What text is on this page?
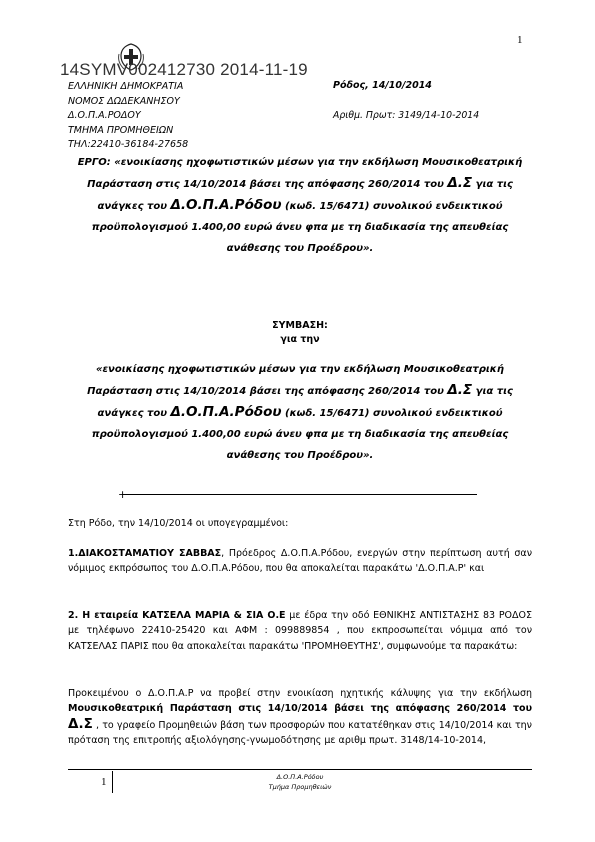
1
14SYMV002412730 2014-11-19
ΕΛΛΗΝΙΚΗ ΔΗΜΟΚΡΑΤΙΑ
ΝΟΜΟΣ ΔΩΔΕΚΑΝΗΣΟΥ
Δ.Ο.Π.Α.ΡΟΔΟΥ
ΤΜΗΜΑ ΠΡΟΜΗΘΕΙΩΝ
ΤΗΛ:22410-36184-27658
Ρόδος, 14/10/2014
Αριθμ. Πρωτ: 3149/14-10-2014
ΕΡΓΟ: «ενοικίασης ηχοφωτιστικών μέσων για την εκδήλωση Μουσικοθεατρική
Παράσταση στις 14/10/2014 βάσει της απόφασης 260/2014 του Δ.Σ για τις
ανάγκες του Δ.Ο.Π.Α.Ρόδου (κωδ. 15/6471) συνολικού ενδεικτικού
προϋπολογισμού 1.400,00 ευρώ άνευ φπα με τη διαδικασία της απευθείας
ανάθεσης του Προέδρου».
ΣΥΜΒΑΣΗ:
για την
«ενοικίασης ηχοφωτιστικών μέσων για την εκδήλωση Μουσικοθεατρική
Παράσταση στις 14/10/2014 βάσει της απόφασης 260/2014 του Δ.Σ για τις
ανάγκες του Δ.Ο.Π.Α.Ρόδου (κωδ. 15/6471) συνολικού ενδεικτικού
προϋπολογισμού 1.400,00 ευρώ άνευ φπα με τη διαδικασία της απευθείας
ανάθεσης του Προέδρου».
+
Στη Ρόδο, την 14/10/2014 οι υπογεγραμμένοι:
1.ΔΙΑΚΟΣΤΑΜΑΤΙΟΥ ΣΑΒΒΑΣ, Πρόεδρος Δ.Ο.Π.Α.Ρόδου, ενεργών στην περίπτωση αυτή σαν νόμιμος εκπρόσωπος του Δ.Ο.Π.Α.Ρόδου, που θα αποκαλείται παρακάτω 'Δ.Ο.Π.Α.Ρ' και
2. Η εταιρεία ΚΑΤΣΕΛΑ ΜΑΡΙΑ & ΣΙΑ Ο.Ε με έδρα την οδό ΕΘΝΙΚΗΣ ΑΝΤΙΣΤΑΣΗΣ 83 ΡΟΔΟΣ με τηλέφωνο 22410-25420 και ΑΦΜ : 099889854 , που εκπροσωπείται νόμιμα από τον ΚΑΤΣΕΛΑΣ ΠΑΡΙΣ που θα αποκαλείται παρακάτω 'ΠΡΟΜΗΘΕΥΤΗΣ', συμφωνούμε τα παρακάτω:
Προκειμένου ο Δ.Ο.Π.Α.Ρ να προβεί στην ενοικίαση ηχητικής κάλυψης για την εκδήλωση Μουσικοθεατρική Παράσταση στις 14/10/2014 βάσει της απόφασης 260/2014 του Δ.Σ , το γραφείο Προμηθειών βάση των προσφορών που κατατέθηκαν στις 14/10/2014 και την πρόταση της επιτροπής αξιολόγησης-γνωμοδότησης με αριθμ πρωτ. 3148/14-10-2014,
1	Δ.Ο.Π.Α.Ρόδου
Τμήμα Προμηθειών
